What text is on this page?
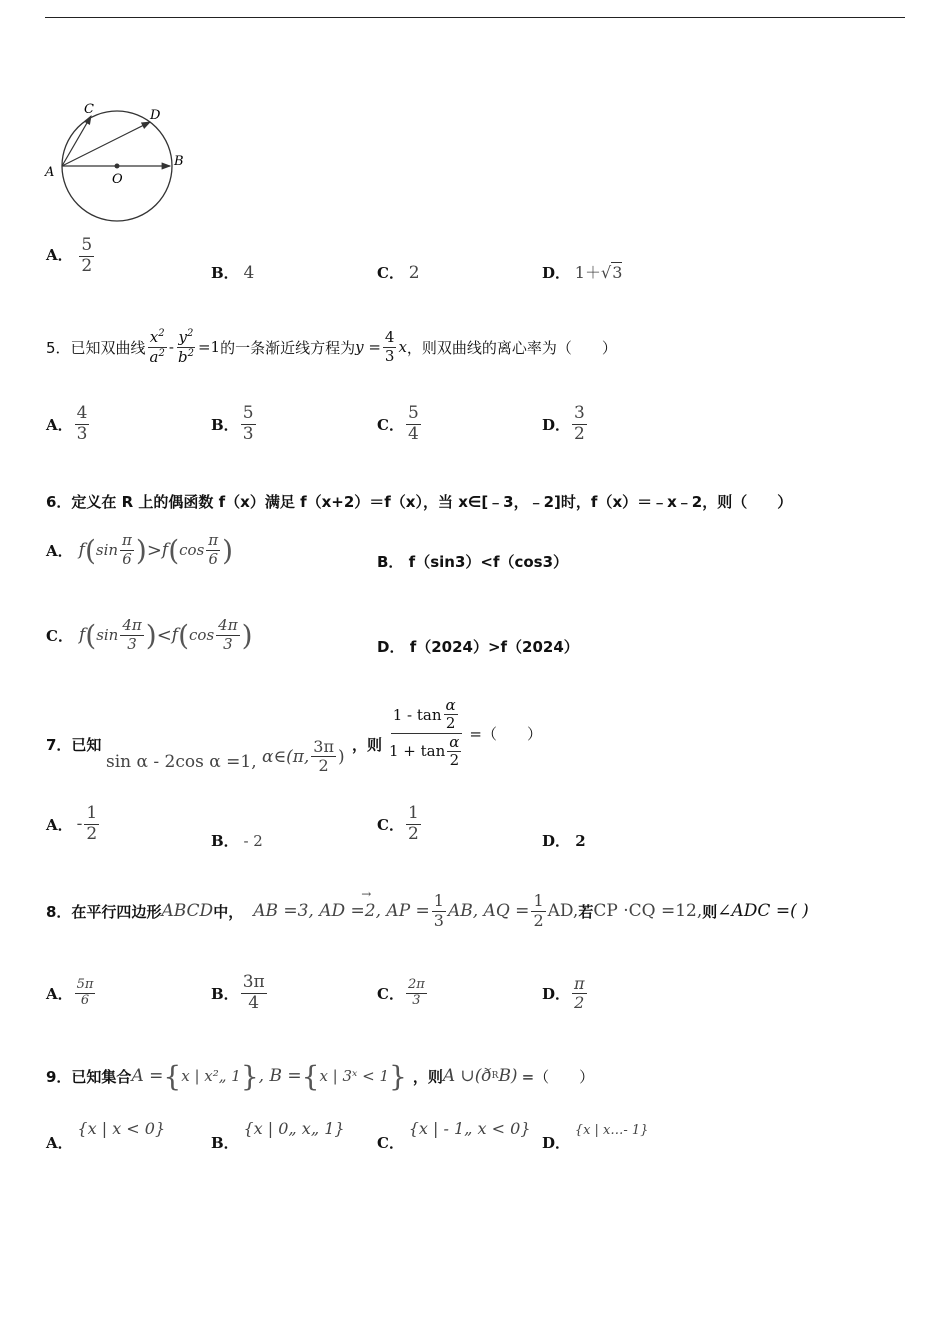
A
B
C	D
O
A． $\frac{5}{2}$	B． 4	C． 2	D． 1＋√3
5．已知双曲线 $\frac{x^2}{a^2} - \frac{y^2}{b^2} =1$ 的一条渐近线方程为 $y = \frac{4}{3}$ x ，则双曲线的离心率为（　　）
A． $\frac{4}{3}$	B． $\frac{5}{3}$	C． $\frac{5}{4}$	D． $\frac{3}{2}$
6．定义在 R 上的偶函数 f（x）满足 f（x+2）＝f（x），当 x∈[﹣3，﹣2]时，f（x）＝﹣x﹣2，则（　　）
A． f ( $\sin \frac{\pi}{6}$ ) > f ( $\cos \frac{\pi}{6}$ )	B． f（sin3）<f（cos3）
C． f ( $\sin \frac{4\pi}{3}$ ) < f ( $\cos \frac{4\pi}{3}$ )	D． f（2024）>f（2024）
7．已知
sin α - 2cos α =1, α∈(π, $\frac{3\pi}{2}$ )
，则 $\frac{1 - \tan \frac{\alpha}{2}}{1 + \tan \frac{\alpha}{2}}$ =（　　）
A． - $\frac{1}{2}$	B． - 2
C． $\frac{1}{2}$	D． 2
8．在平行四边形 ABCD 中，
→
AB =3, AD =2, AP = $\frac{1}{3}$ AB, AQ = $\frac{1}{2}$ AD, 若 CP ·CQ =12, 则 ∠ADC =( )
A． $\frac{5\pi}{6}$	B． $\frac{3\pi}{4}$	C． $\frac{2\pi}{3}$	D． $\frac{\pi}{2}$
9．已知集合 A = { x | x²„ 1 } , B = { x | 3ˣ < 1 } ，则 A ∪(ð R B) =（　　）
A． {x | x < 0}
B． {x | 0„ x„ 1}
C． {x | - 1„ x < 0}
D． {x | x…- 1}
